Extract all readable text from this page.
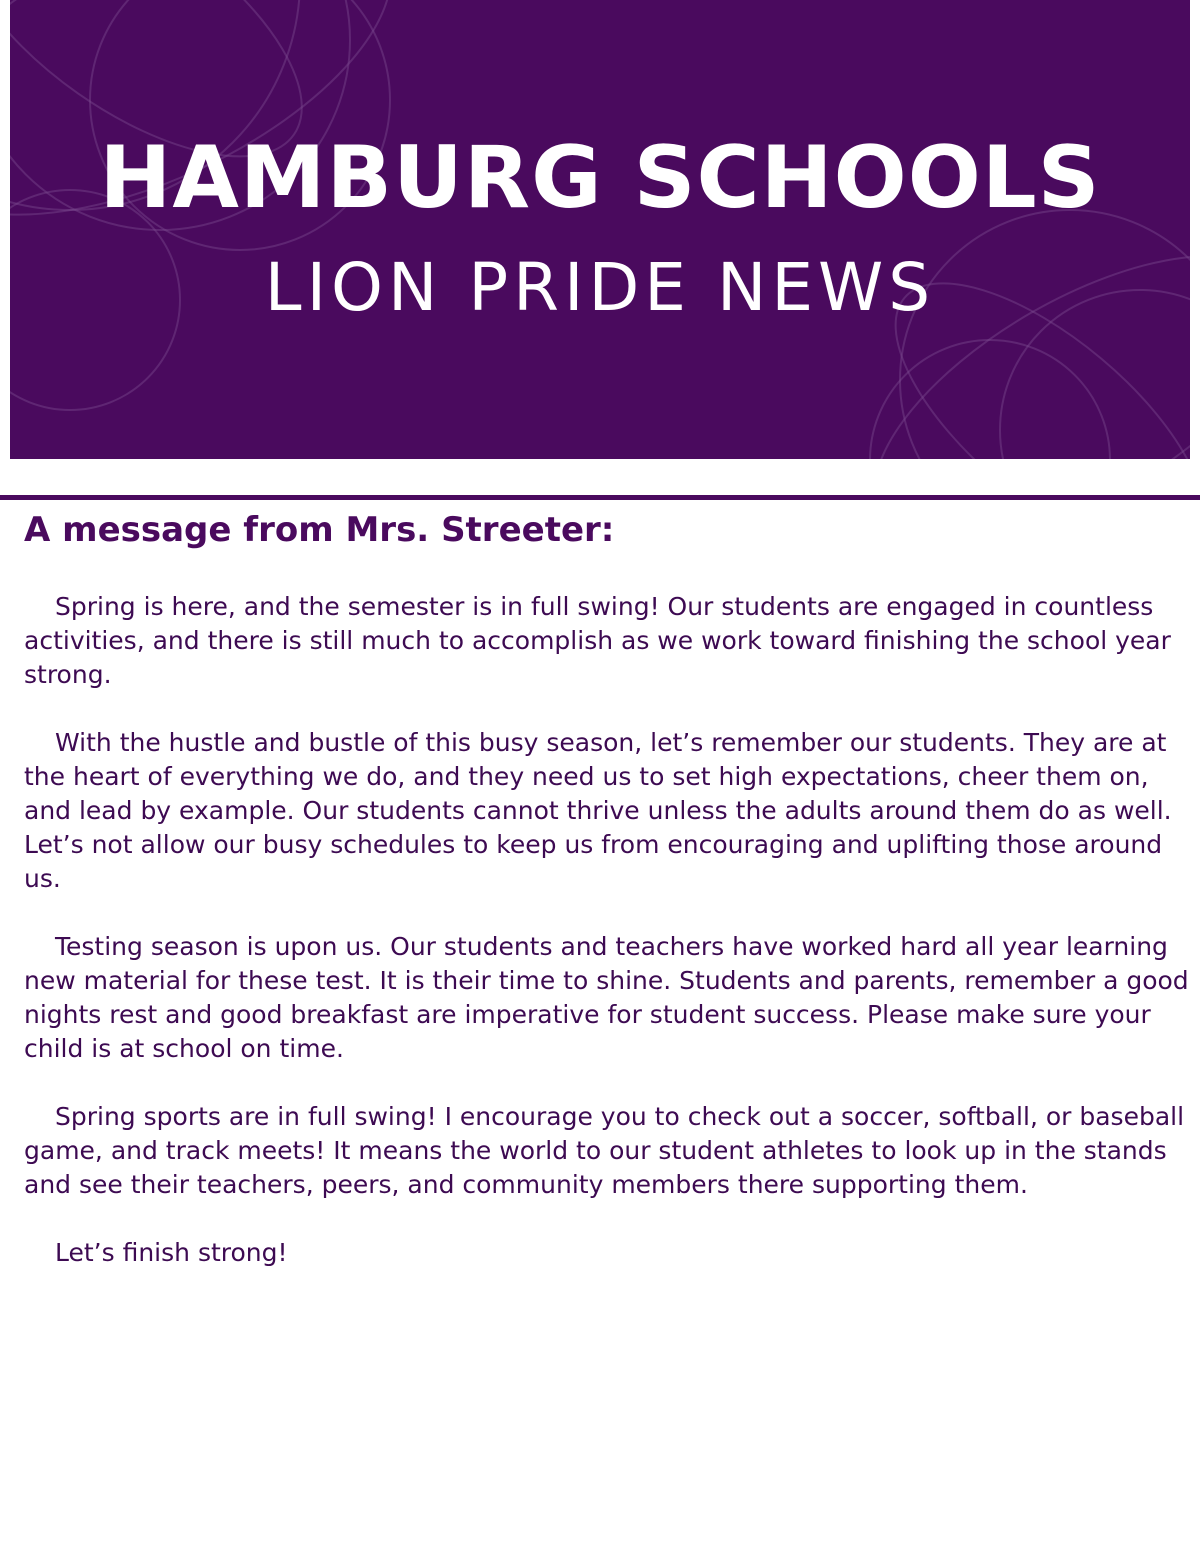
HAMBURG SCHOOLS
LION PRIDE NEWS
A message from Mrs. Streeter:

Spring is here, and the semester is in full swing! Our students are engaged in countless activities, and there is still much to accomplish as we work toward finishing the school year strong.

With the hustle and bustle of this busy season, let’s remember our students. They are at the heart of everything we do, and they need us to set high expectations, cheer them on, and lead by example. Our students cannot thrive unless the adults around them do as well. Let’s not allow our busy schedules to keep us from encouraging and uplifting those around us.

Testing season is upon us. Our students and teachers have worked hard all year learning new material for these test. It is their time to shine. Students and parents, remember a good nights rest and good breakfast are imperative for student success. Please make sure your child is at school on time.

Spring sports are in full swing! I encourage you to check out a soccer, softball, or baseball game, and track meets! It means the world to our student athletes to look up in the stands and see their teachers, peers, and community members there supporting them.

Let’s finish strong!
